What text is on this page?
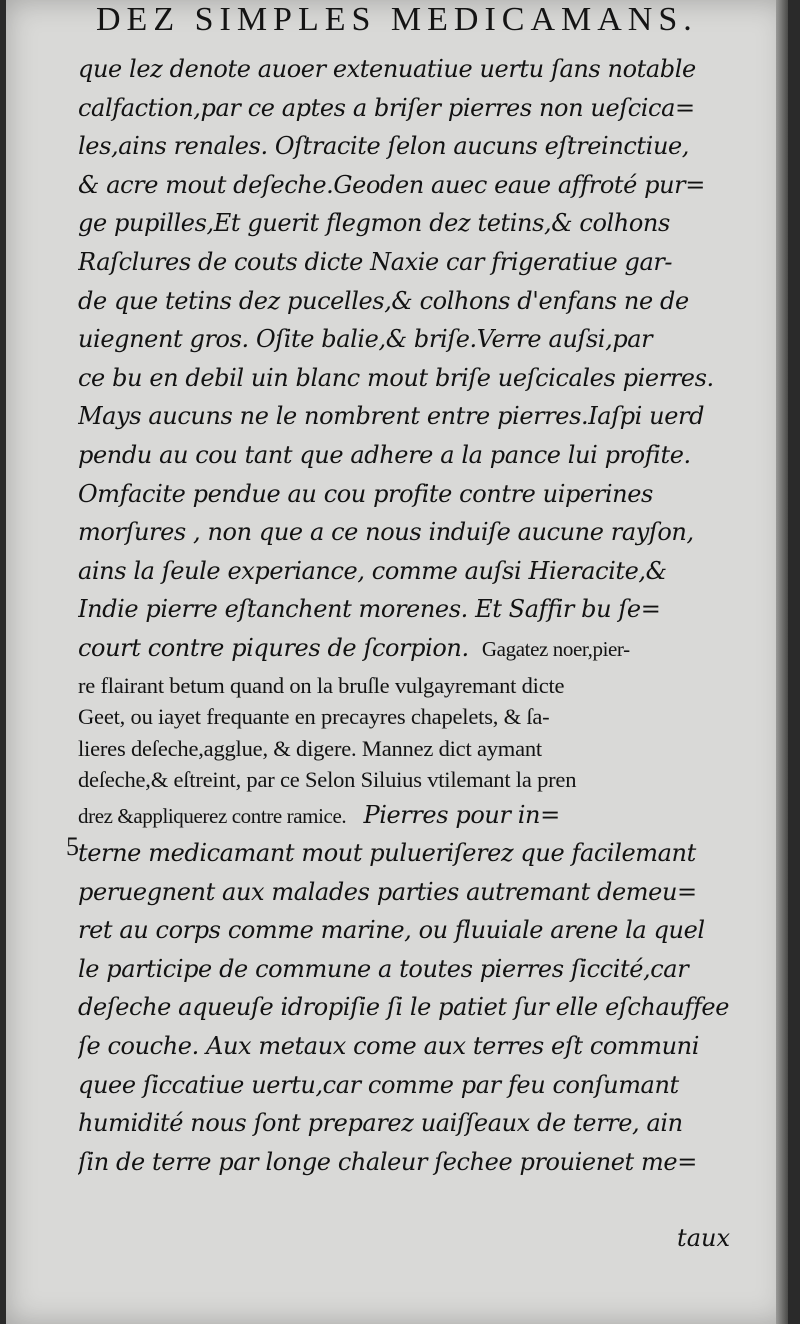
DEZ SIMPLES MEDICAMANS.
que lez denote auoer extenuatiue uertu ſans notable
calfaction,par ce aptes a briſer pierres non ueſcica=
les,ains renales. Oſtracite ſelon aucuns eſtreinctiue,
& acre mout deſeche.Geoden auec eaue affroté pur=
ge pupilles,Et guerit flegmon dez tetins,& colhons
Raſclures de couts dicte Naxie car frigeratiue gar-
de que tetins dez pucelles,& colhons d'enfans ne de
uiegnent gros. Oſite balie,& briſe.Verre auſsi,par
ce bu en debil uin blanc mout briſe ueſcicales pierres.
Mays aucuns ne le nombrent entre pierres.Iaſpi uerd
pendu au cou tant que adhere a la pance lui profite.
Omfacite pendue au cou profite contre uiperines
morſures , non que a ce nous induiſe aucune rayſon,
ains la ſeule experiance, comme auſsi Hieracite,&
Indie pierre eſtanchent morenes. Et Saffir bu ſe=
court contre piqures de ſcorpion. Gagatez noer,pier-
re flairant betum quand on la bruſle vulgayremant dicte
Geet, ou iayet frequante en precayres chapelets, & ſa-
lieres deſeche,agglue, & digere. Mannez dict aymant
deſeche,& eſtreint, par ce Selon Siluius vtilemant la pren
drez &appliquerez contre ramice. Pierres pour in=
terne medicamant mout pulueriſerez que facilemant
peruegnent aux malades parties autremant demeu=
ret au corps comme marine, ou fluuiale arene la quel
le participe de commune a toutes pierres ſiccité,car
deſeche aqueuſe idropiſie ſi le patiet ſur elle eſchauffee
ſe couche. Aux metaux come aux terres eſt communi
quee ſiccatiue uertu,car comme par feu conſumant
humidité nous ſont preparez uaiſſeaux de terre, ain
ſin de terre par longe chaleur ſechee prouienet me=
5
taux
